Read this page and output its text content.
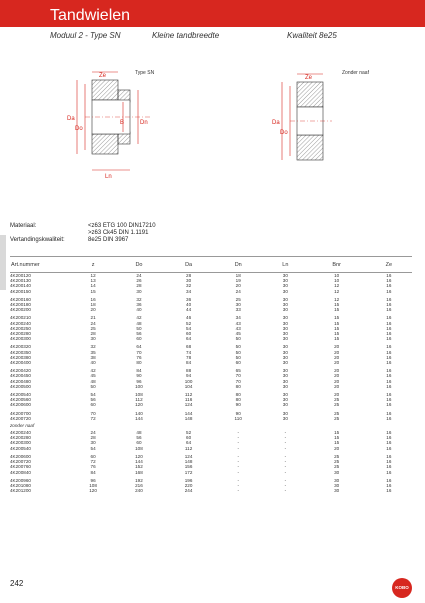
Tandwielen
Moduul 2 - Type SN	Kleine tandbreedte	Kwaliteit 8e25
Ze	Type SN
Da
Do
B	Dn
Ln
Ze
Zonder naaf
Da
Do
Materiaal:	<z63 ETG 100 DIN17210
>z63 Ck45 DIN 1.1191
Vertandingskwaliteit:	8e25 DIN 3967
Art.nummer	z	Do	Da	Dn	Ln	Bnr	Ze
4K200120	12	24	28	18	30	10	16
4K200130	13	26	30	19	30	10	16
4K200140	14	28	32	20	30	12	16
4K200150	15	30	34	24	30	12	16

4K200160	16	32	36	25	30	12	16
4K200180	18	36	40	30	30	15	16
4K200200	20	40	44	33	30	15	16

4K200210	21	42	46	34	30	15	16
4K200240	24	48	52	43	30	15	16
4K200250	25	50	54	43	30	15	16
4K200280	28	56	60	45	30	15	16
4K200300	30	60	64	50	30	15	16

4K200320	32	64	68	50	30	20	16
4K200350	35	70	74	50	30	20	16
4K200380	38	76	78	50	30	20	16
4K200400	40	80	84	60	30	20	16

4K200420	42	84	88	65	30	20	16
4K200450	45	90	94	70	30	20	16
4K200480	48	96	100	70	30	20	16
4K200500	50	100	104	80	30	20	16

4K200540	54	108	112	80	30	20	16
4K200560	56	112	116	80	30	25	16
4K200600	60	120	124	90	30	25	16

4K200700	70	140	144	90	30	25	16
4K200720	72	144	148	110	30	25	16
zonder naaf							
4K200240	24	48	52	-	-	15	16
4K200280	28	56	60	-	-	15	16
4K200300	30	60	64	-	-	15	16
4K200540	54	108	112	-	-	20	16

4K200600	60	120	124	-	-	25	16
4K200720	72	144	148	-	-	25	16
4K200760	76	152	156	-	-	25	16
4K200840	84	168	172	-	-	30	16

4K200960	96	192	196	-	-	30	16
4K201080	108	216	220	-	-	30	16
4K201200	120	240	244	-	-	30	16
242	KOBO
